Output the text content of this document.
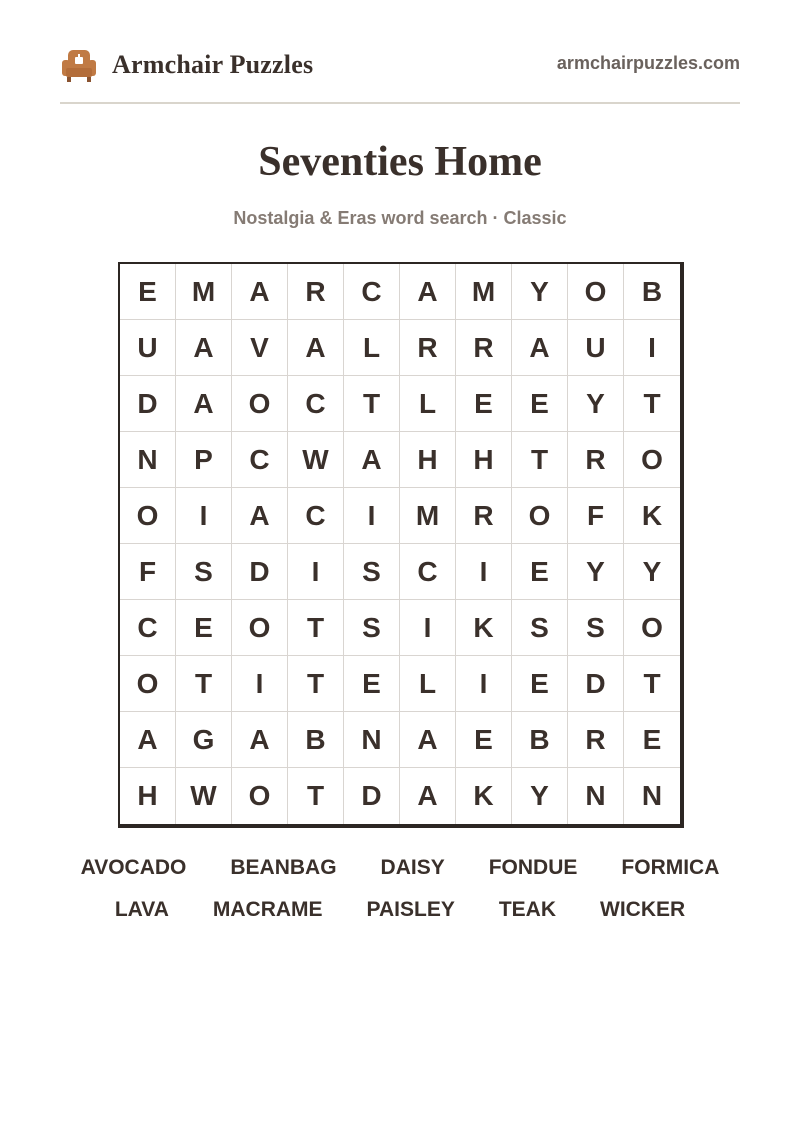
Armchair Puzzles	armchairpuzzles.com
Seventies Home
Nostalgia & Eras word search · Classic
E	M	A	R	C	A	M	Y	O	B
U	A	V	A	L	R	R	A	U	I
D	A	O	C	T	L	E	E	Y	T
N	P	C	W	A	H	H	T	R	O
O	I	A	C	I	M	R	O	F	K
F	S	D	I	S	C	I	E	Y	Y
C	E	O	T	S	I	K	S	S	O
O	T	I	T	E	L	I	E	D	T
A	G	A	B	N	A	E	B	R	E
H	W	O	T	D	A	K	Y	N	N
AVOCADO BEANBAG DAISY FONDUE FORMICA
LAVA MACRAME PAISLEY TEAK WICKER
